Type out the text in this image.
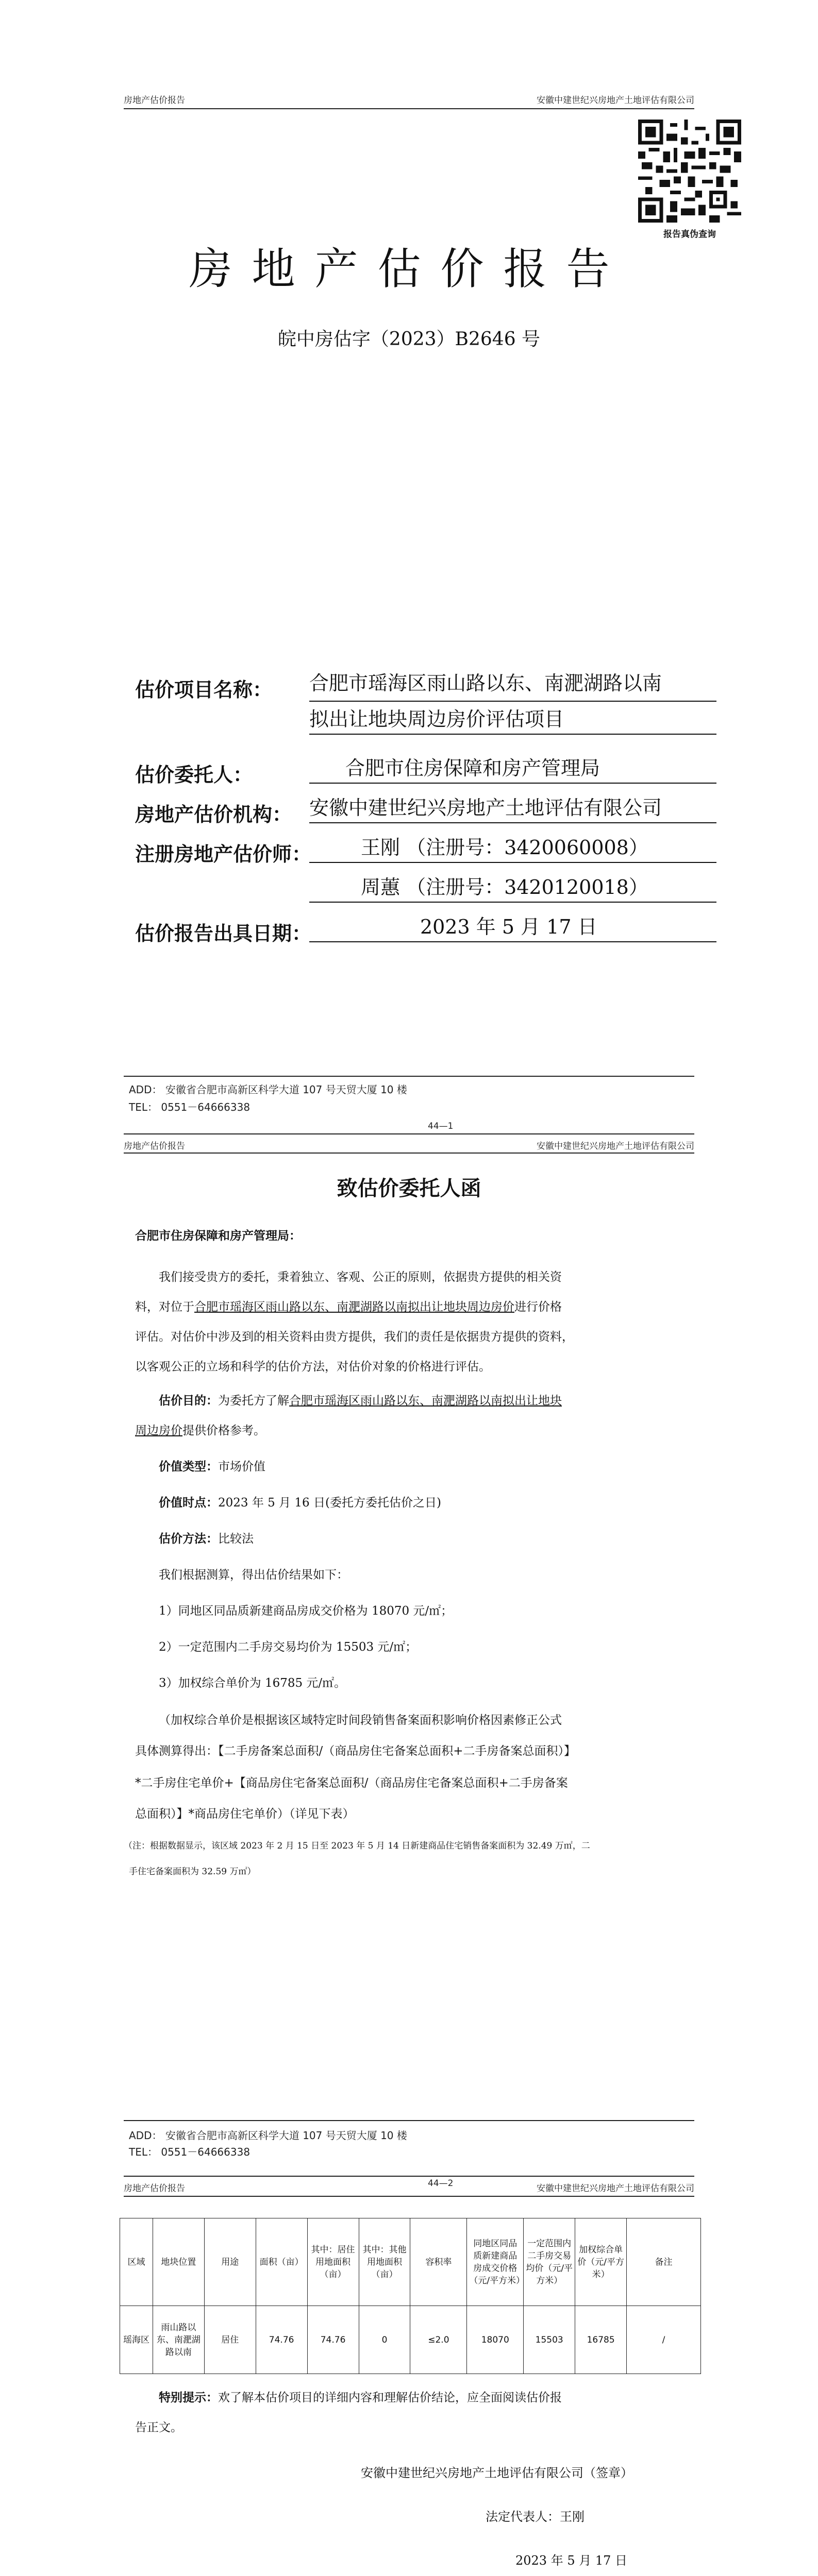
房地产估价报告	安徽中建世纪兴房地产土地评估有限公司
报告真伪查询
房地产估价报告
皖中房估字（2023）B2646 号
估价项目名称： 合肥市瑶海区雨山路以东、南淝湖路以南
拟出让地块周边房价评估项目
估价委托人：	合肥市住房保障和房产管理局
房地产估价机构： 安徽中建世纪兴房地产土地评估有限公司
注册房地产估价师：	王刚 （注册号：3420060008）
周蕙 （注册号：3420120018）
估价报告出具日期：	2023 年 5 月 17 日
ADD： 安徽省合肥市高新区科学大道 107 号天贸大厦 10 楼
TEL： 0551－64666338
房地产估价报告	安徽中建世纪兴房地产土地评估有限公司
44—1
致估价委托人函
合肥市住房保障和房产管理局：
我们接受贵方的委托，秉着独立、客观、公正的原则，依据贵方提供的相关资
料，对位于合肥市瑶海区雨山路以东、南淝湖路以南拟出让地块周边房价进行价格
评估。对估价中涉及到的相关资料由贵方提供，我们的责任是依据贵方提供的资料，
以客观公正的立场和科学的估价方法，对估价对象的价格进行评估。
估价目的：为委托方了解合肥市瑶海区雨山路以东、南淝湖路以南拟出让地块
周边房价提供价格参考。
价值类型：市场价值
价值时点：2023 年 5 月 16 日(委托方委托估价之日)
估价方法：比较法
我们根据测算，得出估价结果如下：
1）同地区同品质新建商品房成交价格为 18070 元/㎡；
2）一定范围内二手房交易均价为 15503 元/㎡；
3）加权综合单价为 16785 元/㎡。
（加权综合单价是根据该区域特定时间段销售备案面积影响价格因素修正公式
具体测算得出：【二手房备案总面积/（商品房住宅备案总面积+二手房备案总面积）】
*二手房住宅单价+【商品房住宅备案总面积/（商品房住宅备案总面积+二手房备案
总面积）】*商品房住宅单价）（详见下表）
（注：根据数据显示，该区域 2023 年 2 月 15 日至 2023 年 5 月 14 日新建商品住宅销售备案面积为 32.49 万㎡，二
手住宅备案面积为 32.59 万㎡）
ADD： 安徽省合肥市高新区科学大道 107 号天贸大厦 10 楼
TEL： 0551－64666338
房地产估价报告	安徽中建世纪兴房地产土地评估有限公司
44—2
区域	地块位置	用途	面积（亩）	其中：居住用地面积（亩）	其中：其他用地面积（亩）	容积率	同地区同品质新建商品房成交价格（元/平方米）	一定范围内二手房交易均价（元/平方米）	加权综合单价（元/平方米）	备注
瑶海区	雨山路以东、南淝湖路以南	居住	74.76	74.76	0	≤2.0	18070	15503	16785	/
特别提示：欢了解本估价项目的详细内容和理解估价结论，应全面阅读估价报
告正文。
安徽中建世纪兴房地产土地评估有限公司（签章）
法定代表人：王刚
2023 年 5 月 17 日
